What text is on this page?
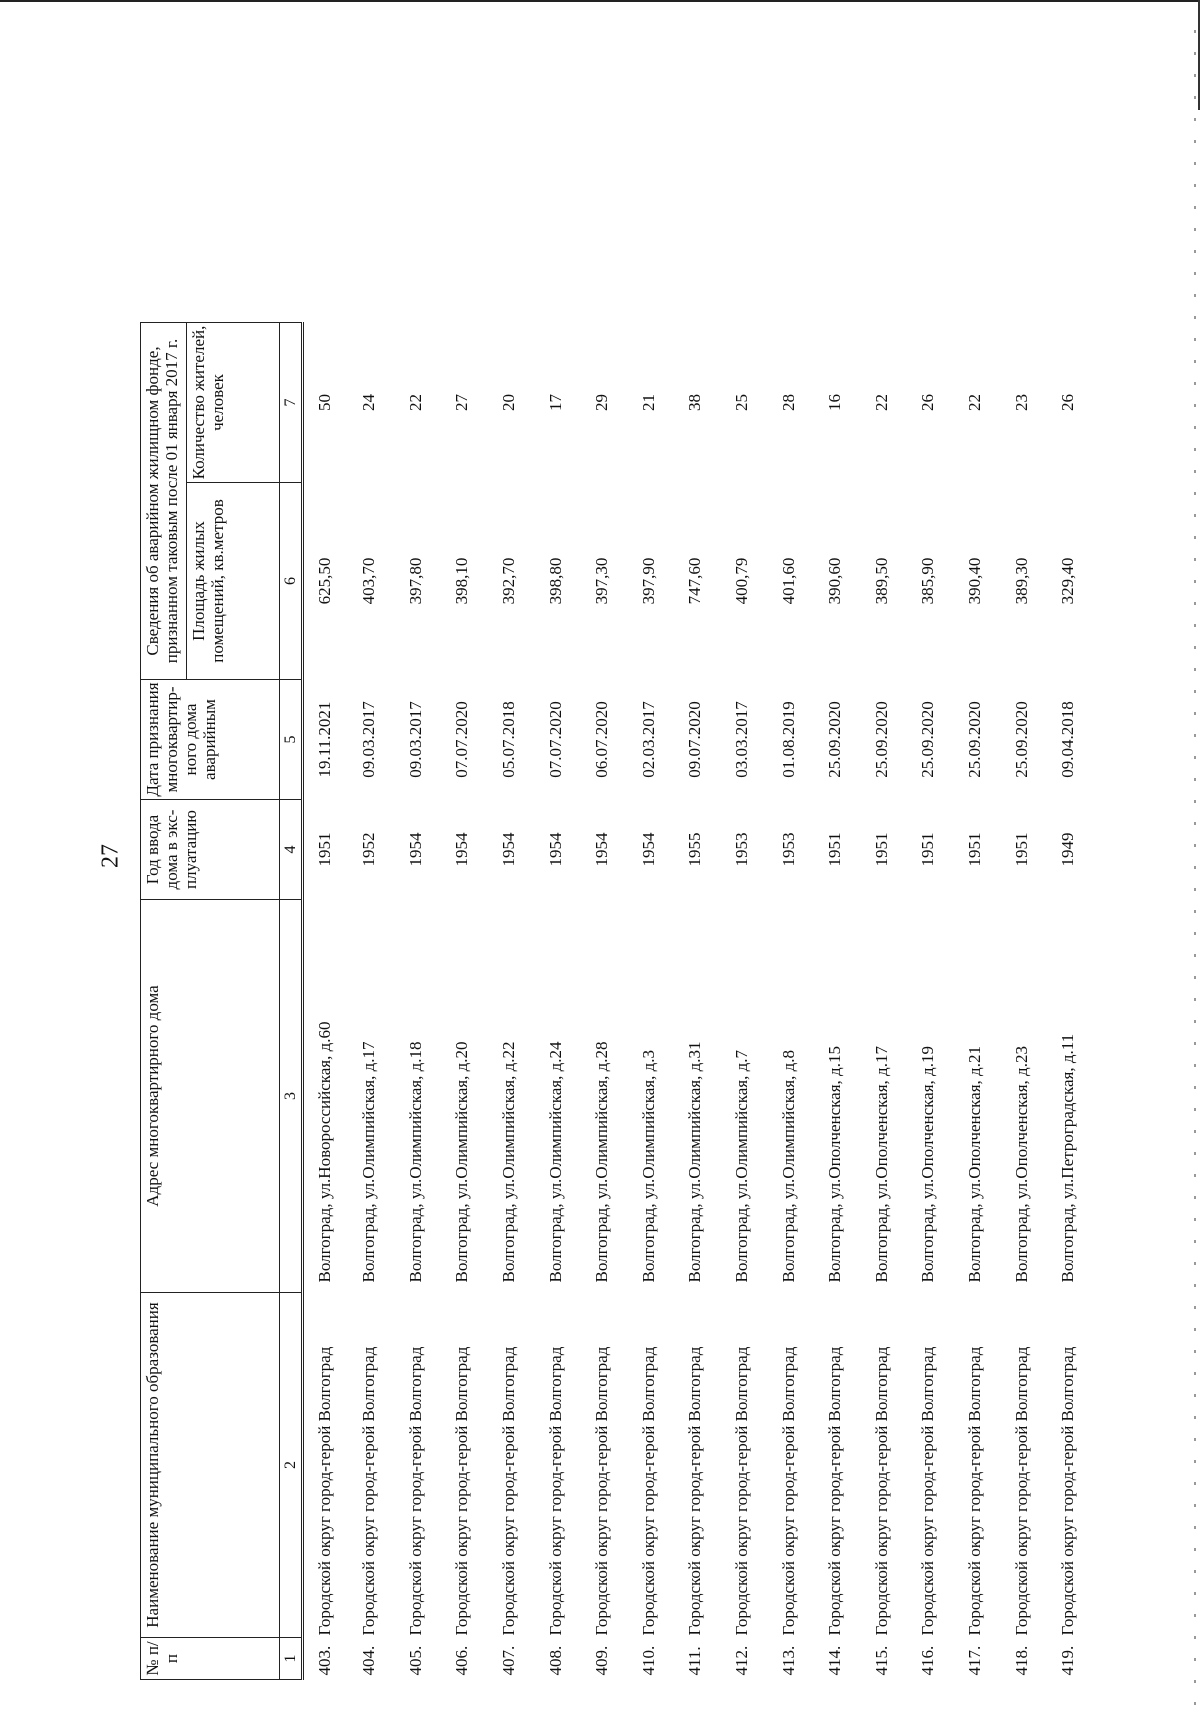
27
№ п/п	Наименование муниципального образования	Адрес многоквартирного дома	Год ввода дома в экс-плуатацию	Дата признания многоквартир-ного дома аварийным	Сведения об аварийном жилищном фонде, признанном таковым после 01 января 2017 г.		
					Площадь жилых помещений, кв.метров	Количество жителей, человек	
1	2	3	4	5	6	7	
403.	Городской округ город-герой Волгоград	Волгоград, ул.Новороссийская, д.60	1951	19.11.2021	625,50	50	
404.	Городской округ город-герой Волгоград	Волгоград, ул.Олимпийская, д.17	1952	09.03.2017	403,70	24	
405.	Городской округ город-герой Волгоград	Волгоград, ул.Олимпийская, д.18	1954	09.03.2017	397,80	22	
406.	Городской округ город-герой Волгоград	Волгоград, ул.Олимпийская, д.20	1954	07.07.2020	398,10	27	
407.	Городской округ город-герой Волгоград	Волгоград, ул.Олимпийская, д.22	1954	05.07.2018	392,70	20	
408.	Городской округ город-герой Волгоград	Волгоград, ул.Олимпийская, д.24	1954	07.07.2020	398,80	17	
409.	Городской округ город-герой Волгоград	Волгоград, ул.Олимпийская, д.28	1954	06.07.2020	397,30	29	
410.	Городской округ город-герой Волгоград	Волгоград, ул.Олимпийская, д.3	1954	02.03.2017	397,90	21	
411.	Городской округ город-герой Волгоград	Волгоград, ул.Олимпийская, д.31	1955	09.07.2020	747,60	38	
412.	Городской округ город-герой Волгоград	Волгоград, ул.Олимпийская, д.7	1953	03.03.2017	400,79	25	
413.	Городской округ город-герой Волгоград	Волгоград, ул.Олимпийская, д.8	1953	01.08.2019	401,60	28	
414.	Городской округ город-герой Волгоград	Волгоград, ул.Ополченская, д.15	1951	25.09.2020	390,60	16	
415.	Городской округ город-герой Волгоград	Волгоград, ул.Ополченская, д.17	1951	25.09.2020	389,50	22	
416.	Городской округ город-герой Волгоград	Волгоград, ул.Ополченская, д.19	1951	25.09.2020	385,90	26	
417.	Городской округ город-герой Волгоград	Волгоград, ул.Ополченская, д.21	1951	25.09.2020	390,40	22	
418.	Городской округ город-герой Волгоград	Волгоград, ул.Ополченская, д.23	1951	25.09.2020	389,30	23	
419.	Городской округ город-герой Волгоград	Волгоград, ул.Петроградская, д.11	1949	09.04.2018	329,40	26	
